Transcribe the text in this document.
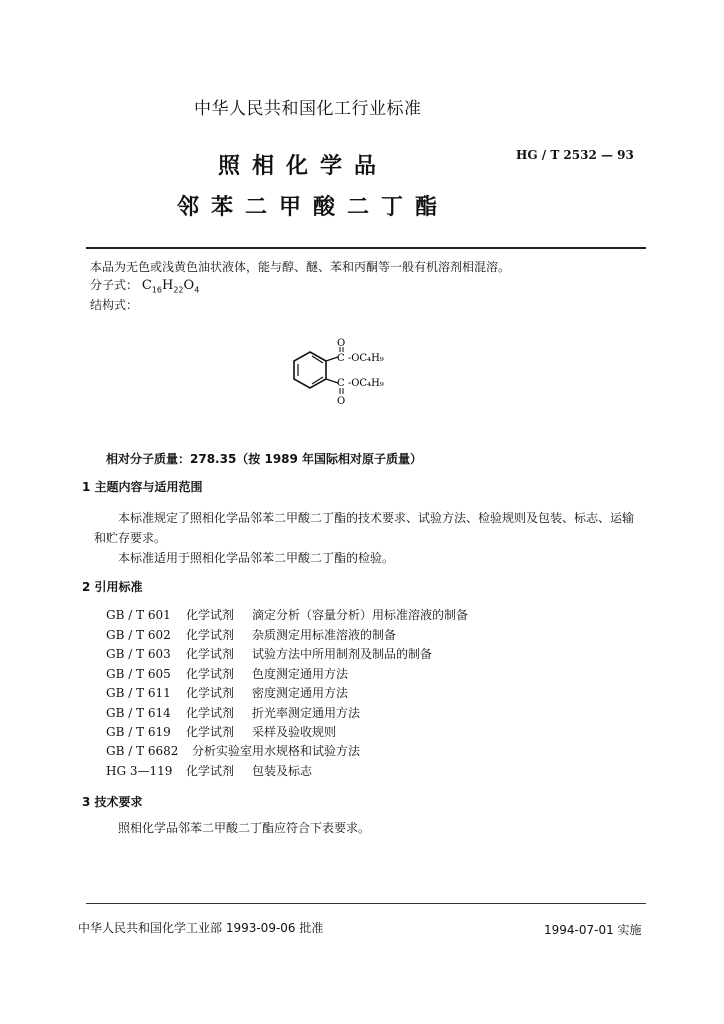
中华人民共和国化工行业标准
HG / T 2532 — 93
照相化学品
邻苯二甲酸二丁酯
本品为无色或浅黄色油状液体，能与醇、醚、苯和丙酮等一般有机溶剂相混溶。
分子式： $C_{16}H_{22}O_4$
结构式：
O
C -OC₄H₉
C -OC₄H₉
O
相对分子质量：278.35（按 1989 年国际相对原子质量）
1 主题内容与适用范围
本标准规定了照相化学品邻苯二甲酸二丁酯的技术要求、试验方法、检验规则及包装、标志、运输和贮存要求。
本标准适用于照相化学品邻苯二甲酸二丁酯的检验。
2 引用标准
GB / T 601 化学试剂 滴定分析（容量分析）用标准溶液的制备
GB / T 602 化学试剂 杂质测定用标准溶液的制备
GB / T 603 化学试剂 试验方法中所用制剂及制品的制备
GB / T 605 化学试剂 色度测定通用方法
GB / T 611 化学试剂 密度测定通用方法
GB / T 614 化学试剂 折光率测定通用方法
GB / T 619 化学试剂 采样及验收规则
GB / T 6682 分析实验室用水规格和试验方法
HG 3—119 化学试剂 包装及标志
3 技术要求
照相化学品邻苯二甲酸二丁酯应符合下表要求。
中华人民共和国化学工业部 1993-09-06 批准	1994-07-01 实施
